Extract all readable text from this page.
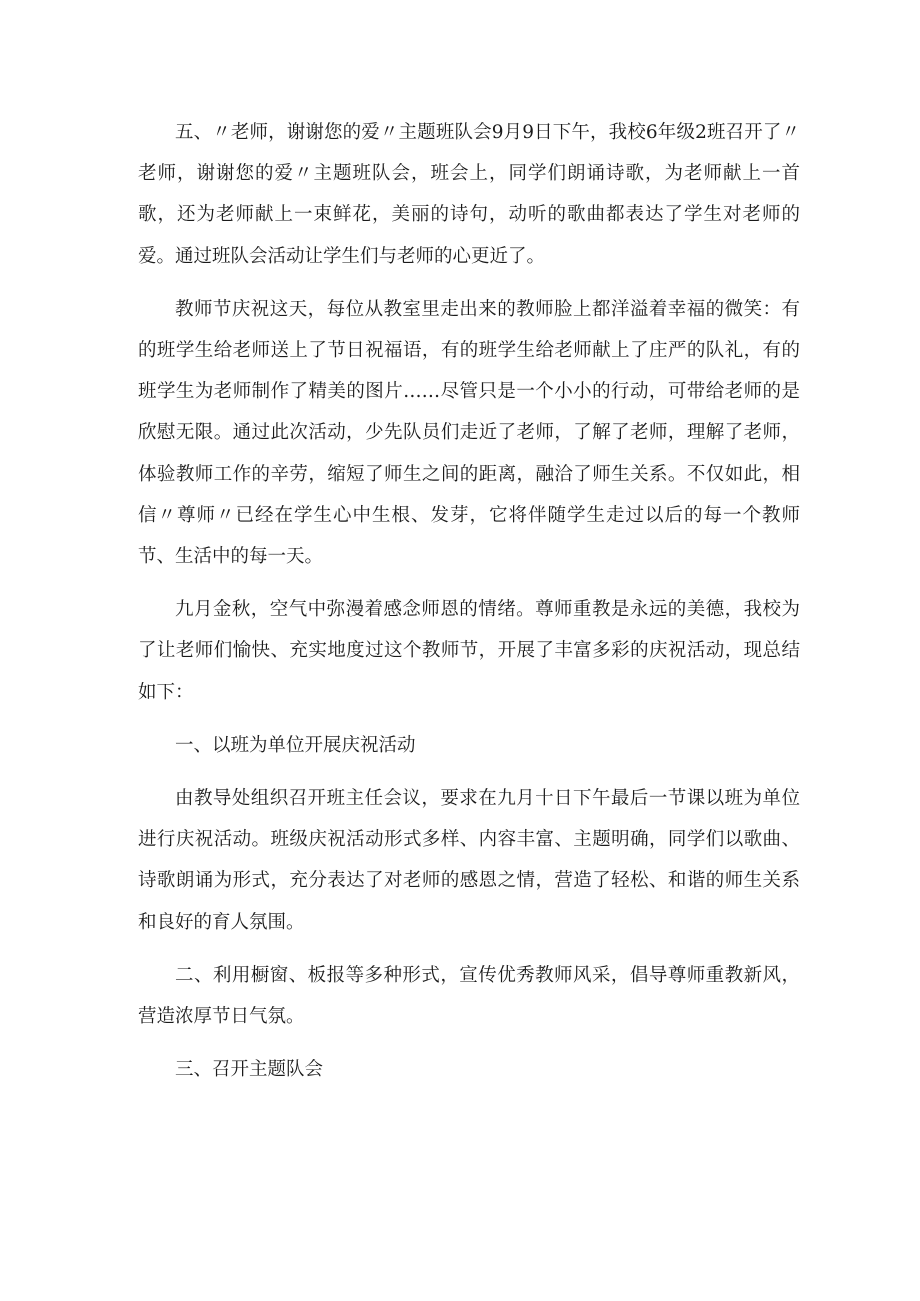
五、〃老师，谢谢您的爱〃主题班队会9月9日下午，我校6年级2班召开了〃老师，谢谢您的爱〃主题班队会，班会上，同学们朗诵诗歌，为老师献上一首歌，还为老师献上一束鲜花，美丽的诗句，动听的歌曲都表达了学生对老师的爱。通过班队会活动让学生们与老师的心更近了。

教师节庆祝这天，每位从教室里走出来的教师脸上都洋溢着幸福的微笑：有的班学生给老师送上了节日祝福语，有的班学生给老师献上了庄严的队礼，有的班学生为老师制作了精美的图片……尽管只是一个小小的行动，可带给老师的是欣慰无限。通过此次活动，少先队员们走近了老师，了解了老师，理解了老师，体验教师工作的辛劳，缩短了师生之间的距离，融洽了师生关系。不仅如此，相信〃尊师〃已经在学生心中生根、发芽，它将伴随学生走过以后的每一个教师节、生活中的每一天。

九月金秋，空气中弥漫着感念师恩的情绪。尊师重教是永远的美德，我校为了让老师们愉快、充实地度过这个教师节，开展了丰富多彩的庆祝活动，现总结如下：

一、以班为单位开展庆祝活动

由教导处组织召开班主任会议，要求在九月十日下午最后一节课以班为单位进行庆祝活动。班级庆祝活动形式多样、内容丰富、主题明确，同学们以歌曲、诗歌朗诵为形式，充分表达了对老师的感恩之情，营造了轻松、和谐的师生关系和良好的育人氛围。

二、利用橱窗、板报等多种形式，宣传优秀教师风采，倡导尊师重教新风，营造浓厚节日气氛。

三、召开主题队会
